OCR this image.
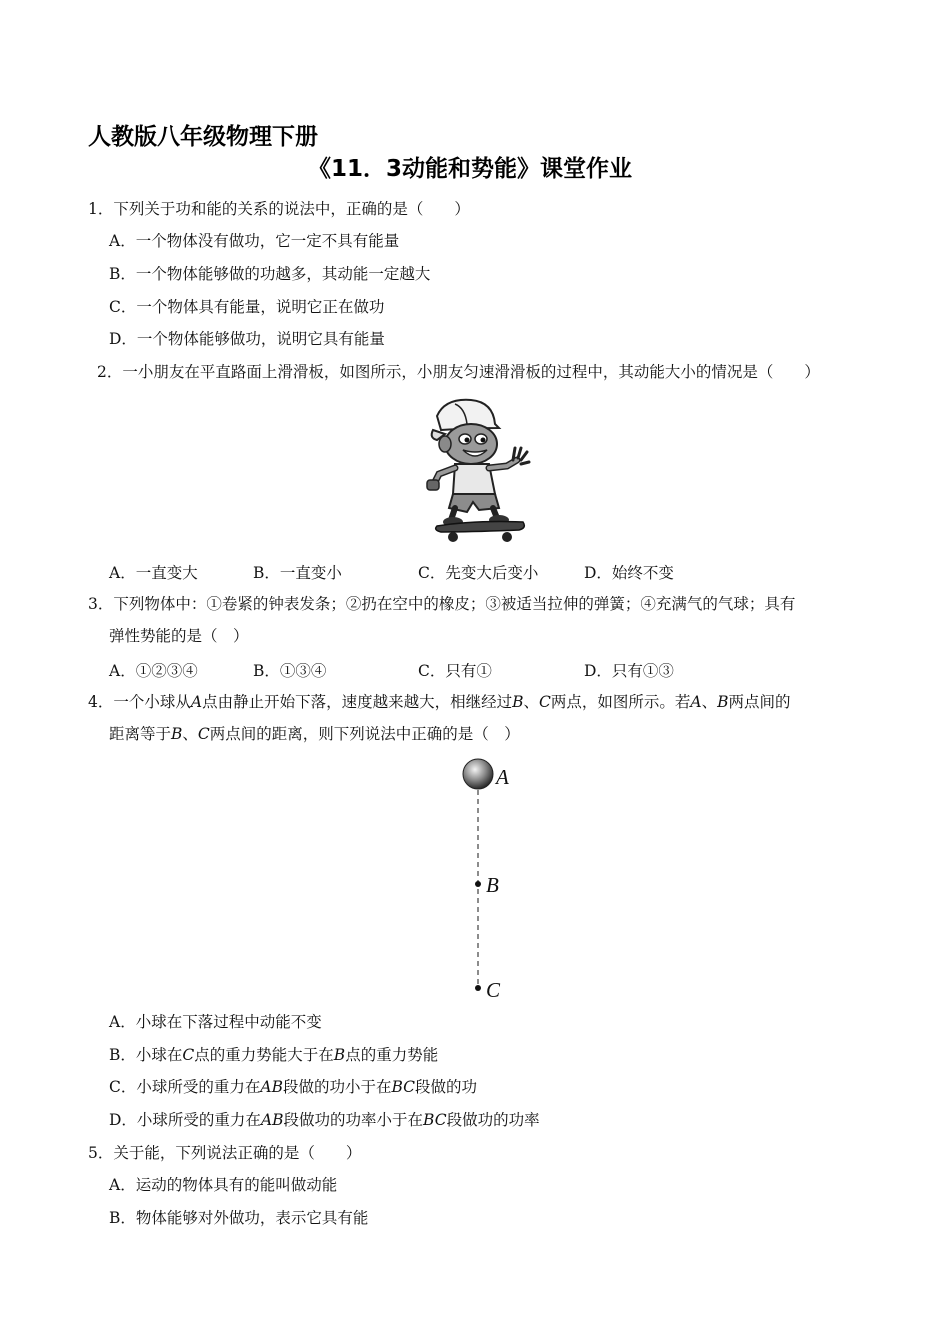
人教版八年级物理下册
《11．3动能和势能》课堂作业
1．下列关于功和能的关系的说法中，正确的是（　　）
A．一个物体没有做功，它一定不具有能量
B．一个物体能够做的功越多，其动能一定越大
C．一个物体具有能量，说明它正在做功
D．一个物体能够做功，说明它具有能量
2．一小朋友在平直路面上滑滑板，如图所示，小朋友匀速滑滑板的过程中，其动能大小的情况是（　　）
A．一直变大	B．一直变小	C．先变大后变小	D．始终不变
3．下列物体中：①卷紧的钟表发条；②扔在空中的橡皮；③被适当拉伸的弹簧；④充满气的气球；具有
弹性势能的是（　）
A．①②③④	B．①③④	C．只有①	D．只有①③
4．一个小球从A点由静止开始下落，速度越来越大，相继经过B、C两点，如图所示。若A、B两点间的
距离等于B、C两点间的距离，则下列说法中正确的是（　）
A
B
C
A．小球在下落过程中动能不变
B．小球在C点的重力势能大于在B点的重力势能
C．小球所受的重力在AB段做的功小于在BC段做的功
D．小球所受的重力在AB段做功的功率小于在BC段做功的功率
5．关于能，下列说法正确的是（　　）
A．运动的物体具有的能叫做动能
B．物体能够对外做功，表示它具有能
